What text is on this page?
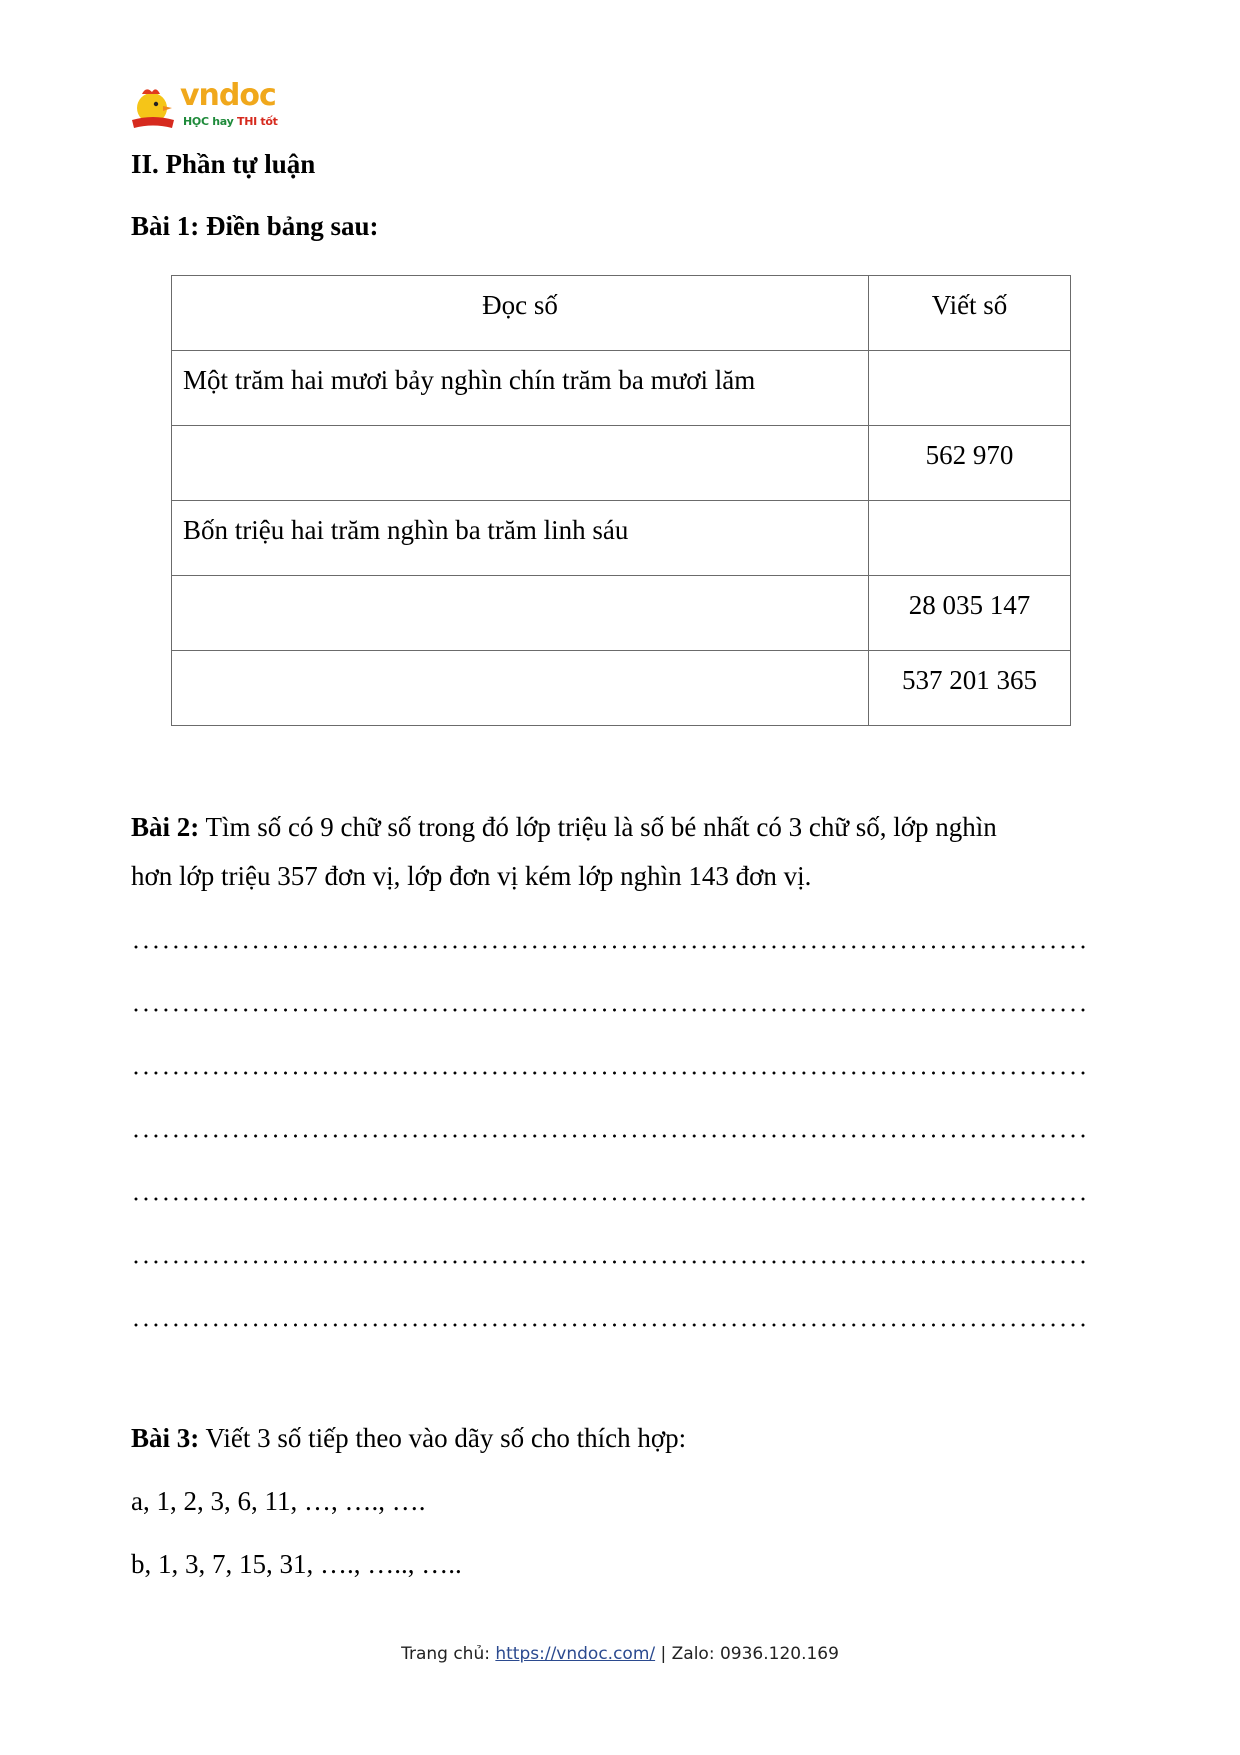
vndoc
HỌC hay THI tốt
II. Phần tự luận
Bài 1: Điền bảng sau:
Đọc số	Viết số
Một trăm hai mươi bảy nghìn chín trăm ba mươi lăm	
	562 970
Bốn triệu hai trăm nghìn ba trăm linh sáu	
	28 035 147
	537 201 365
Bài 2: Tìm số có 9 chữ số trong đó lớp triệu là số bé nhất có 3 chữ số, lớp nghìn
hơn lớp triệu 357 đơn vị, lớp đơn vị kém lớp nghìn 143 đơn vị.
Bài 3: Viết 3 số tiếp theo vào dãy số cho thích hợp:
a, 1, 2, 3, 6, 11, …, …., ….
b, 1, 3, 7, 15, 31, …., ….., …..
Trang chủ: https://vndoc.com/ | Zalo: 0936.120.169
